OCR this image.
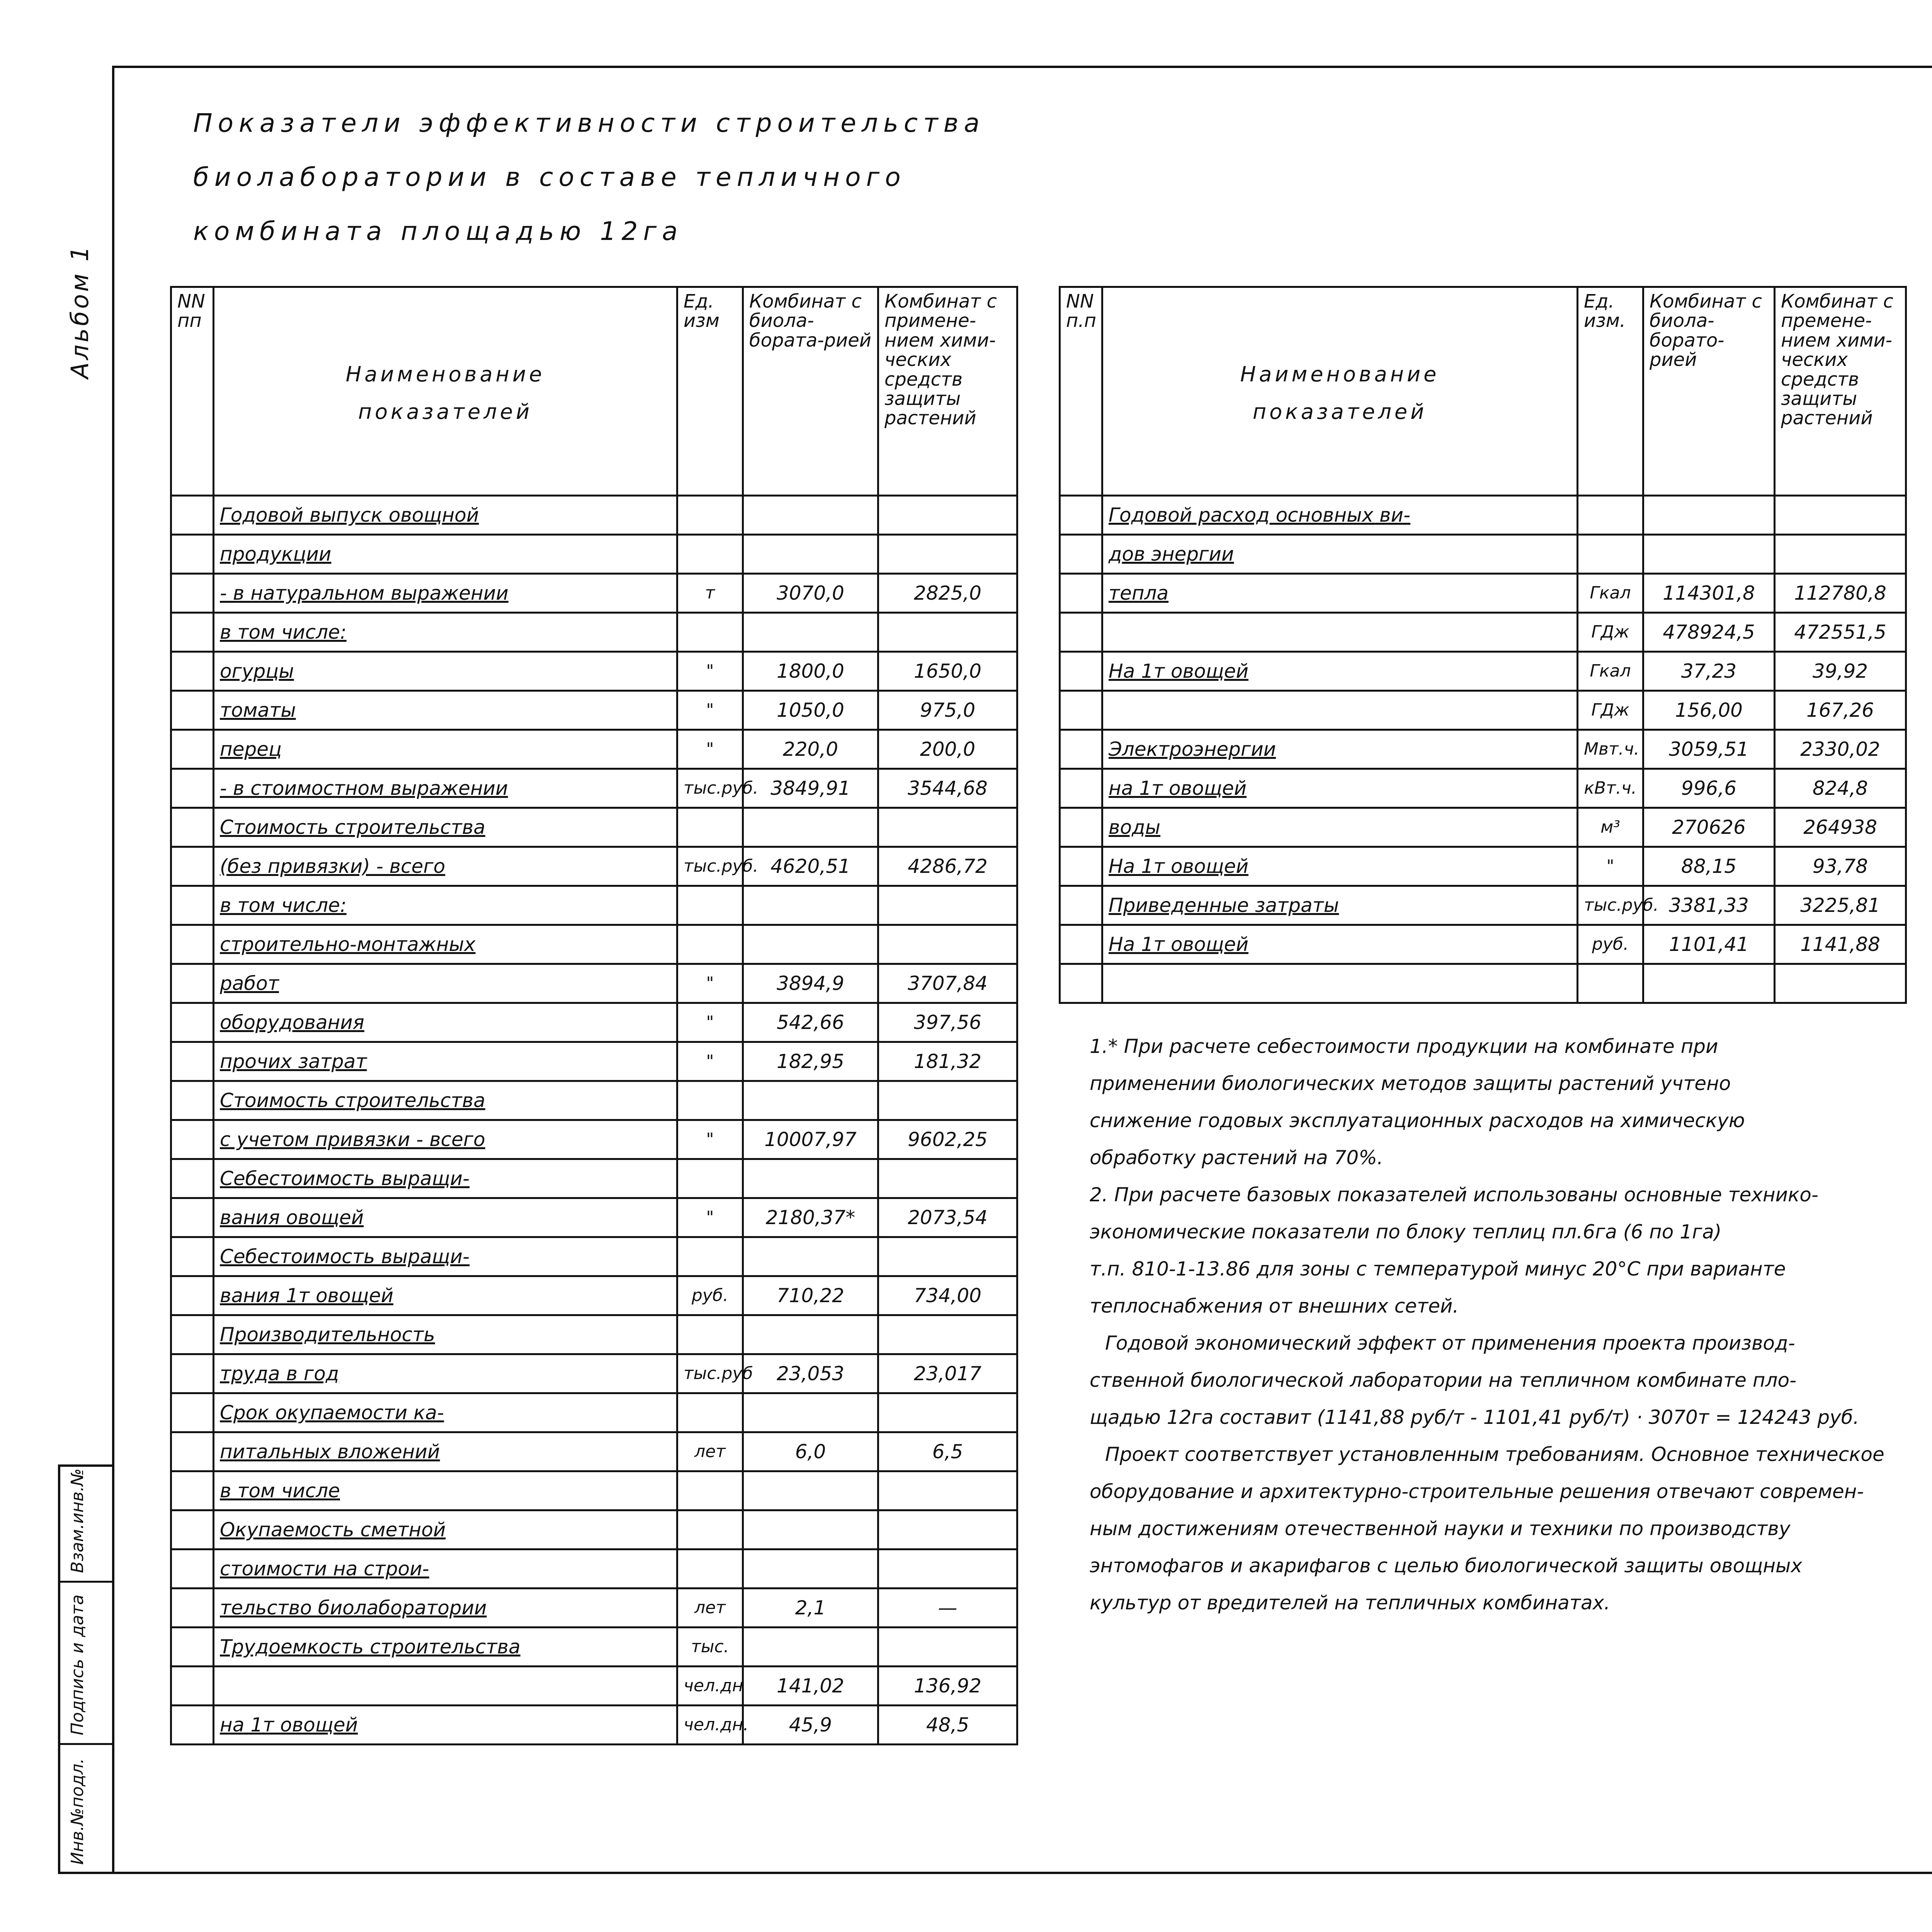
Альбом 1
Взам.инв.№
Подпись и дата
Инв.№подл.
Показатели эффективности строительства
биолаборатории в составе тепличного
комбината площадью 12га
NN пп	Наименование
показателей	Ед. изм	Комбинат с биола-бората-рией	Комбинат с примене-нием хими-ческих средств защиты растений
	Годовой выпуск овощной			
	продукции			
	- в натуральном выражении	т	3070,0	2825,0
	в том числе:			
	огурцы	"	1800,0	1650,0
	томаты	"	1050,0	975,0
	перец	"	220,0	200,0
	- в стоимостном выражении	тыс.руб.	3849,91	3544,68
	Стоимость строительства			
	(без привязки) - всего	тыс.руб.	4620,51	4286,72
	в том числе:			
	строительно-монтажных			
	работ	"	3894,9	3707,84
	оборудования	"	542,66	397,56
	прочих затрат	"	182,95	181,32
	Стоимость строительства			
	с учетом привязки - всего	"	10007,97	9602,25
	Себестоимость выращи-			
	вания овощей	"	2180,37*	2073,54
	Себестоимость выращи-			
	вания 1т овощей	руб.	710,22	734,00
	Производительность			
	труда в год	тыс.руб	23,053	23,017
	Срок окупаемости ка-			
	питальных вложений	лет	6,0	6,5
	в том числе			
	Окупаемость сметной			
	стоимости на строи-			
	тельство биолаборатории	лет	2,1	—
	Трудоемкость строительства	тыс.		
		чел.дн	141,02	136,92
	на 1т овощей	чел.дн.	45,9	48,5
NN п.п	Наименование
показателей	Ед. изм.	Комбинат с биола-борато-рией	Комбинат с премене-нием хими-ческих средств защиты растений
	Годовой расход основных ви-			
	дов энергии			
	тепла	Гкал	114301,8	112780,8
		ГДж	478924,5	472551,5
	На 1т овощей	Гкал	37,23	39,92
		ГДж	156,00	167,26
	Электроэнергии	Мвт.ч.	3059,51	2330,02
	на 1т овощей	кВт.ч.	996,6	824,8
	воды	м³	270626	264938
	На 1т овощей	"	88,15	93,78
	Приведенные затраты	тыс.руб.	3381,33	3225,81
	На 1т овощей	руб.	1101,41	1141,88

1.* При расчете себестоимости продукции на комбинате при
применении биологических методов защиты растений учтено
снижение годовых эксплуатационных расходов на химическую
обработку растений на 70%.
2. При расчете базовых показателей использованы основные технико-
экономические показатели по блоку теплиц пл.6га (6 по 1га)
т.п. 810-1-13.86 для зоны с температурой минус 20°С при варианте
теплоснабжения от внешних сетей.
Годовой экономический эффект от применения проекта производ-
ственной биологической лаборатории на тепличном комбинате пло-
щадью 12га составит (1141,88 руб/т - 1101,41 руб/т) · 3070т = 124243 руб.
Проект соответствует установленным требованиям. Основное техническое
оборудование и архитектурно-строительные решения отвечают современ-
ным достижениям отечественной науки и техники по производству
энтомофагов и акарифагов с целью биологической защиты овощных
культур от вредителей на тепличных комбинатах.
